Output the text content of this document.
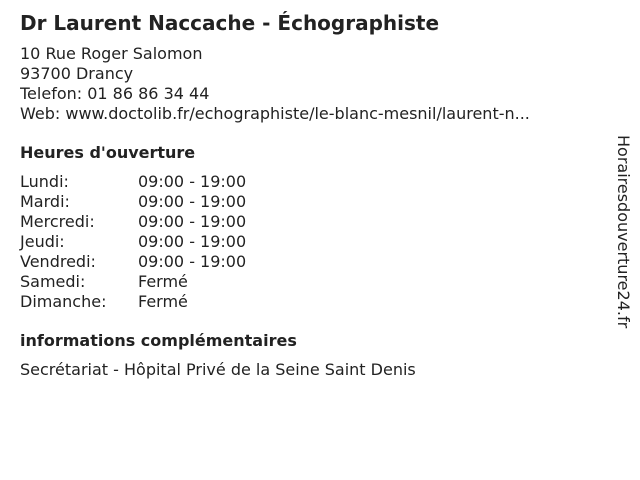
Dr Laurent Naccache - Échographiste
10 Rue Roger Salomon
93700 Drancy
Telefon: 01 86 86 34 44
Web: www.doctolib.fr/echographiste/le-blanc-mesnil/laurent-n...
Heures d'ouverture
Lundi:	09:00 - 19:00
Mardi:	09:00 - 19:00
Mercredi:	09:00 - 19:00
Jeudi:	09:00 - 19:00
Vendredi:	09:00 - 19:00
Samedi:	Fermé
Dimanche:	Fermé
informations complémentaires
Secrétariat - Hôpital Privé de la Seine Saint Denis
Horairesdouverture24.fr
